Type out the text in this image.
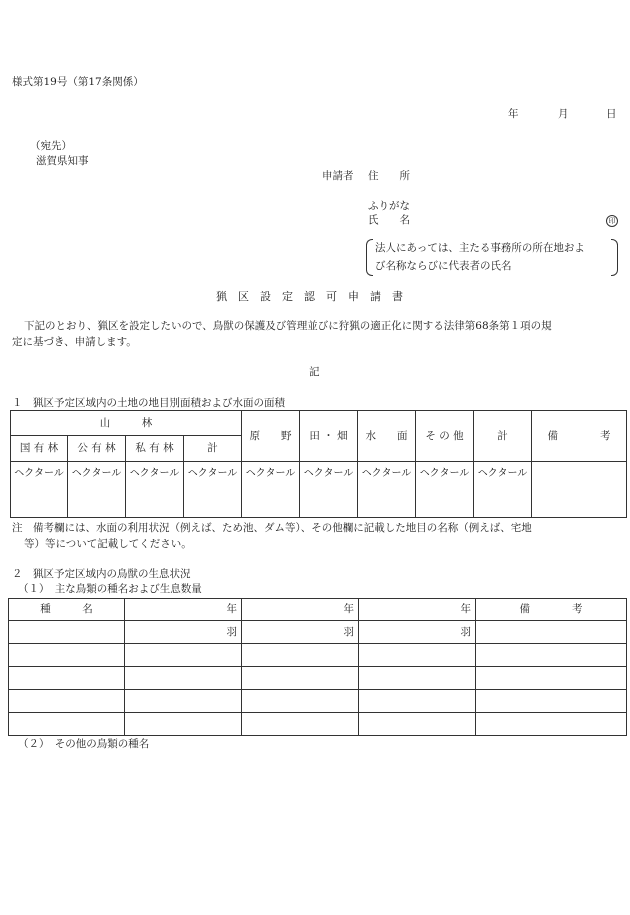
様式第19号（第17条関係）
年	月	日
（宛先）
滋賀県知事
申請者 住　　所
ふりがな
氏　　名	印
法人にあっては、主たる事務所の所在地およ
び名称ならびに代表者の氏名
猟　区　設　定　認　可　申　請　書
下記のとおり、猟区を設定したいので、鳥獣の保護及び管理並びに狩猟の適正化に関する法律第68条第１項の規
定に基づき、申請します。
記
１　猟区予定区域内の土地の地目別面積および水面の面積
山　　　林				原　　野	田 ・ 畑	水　　面	そ の 他	計	備　　　　考
国 有 林	公 有 林	私 有 林	計						
ヘクタール	ヘクタール	ヘクタール	ヘクタール	ヘクタール	ヘクタール	ヘクタール	ヘクタール	ヘクタール	
注　備考欄には、水面の利用状況（例えば、ため池、ダム等）、その他欄に記載した地目の名称（例えば、宅地
等）等について記載してください。
２　猟区予定区域内の鳥獣の生息状況
（１）　主な鳥類の種名および生息数量
種　　　名	年	年	年	備　　　　考
	羽	羽	羽	

（２）　その他の鳥類の種名
